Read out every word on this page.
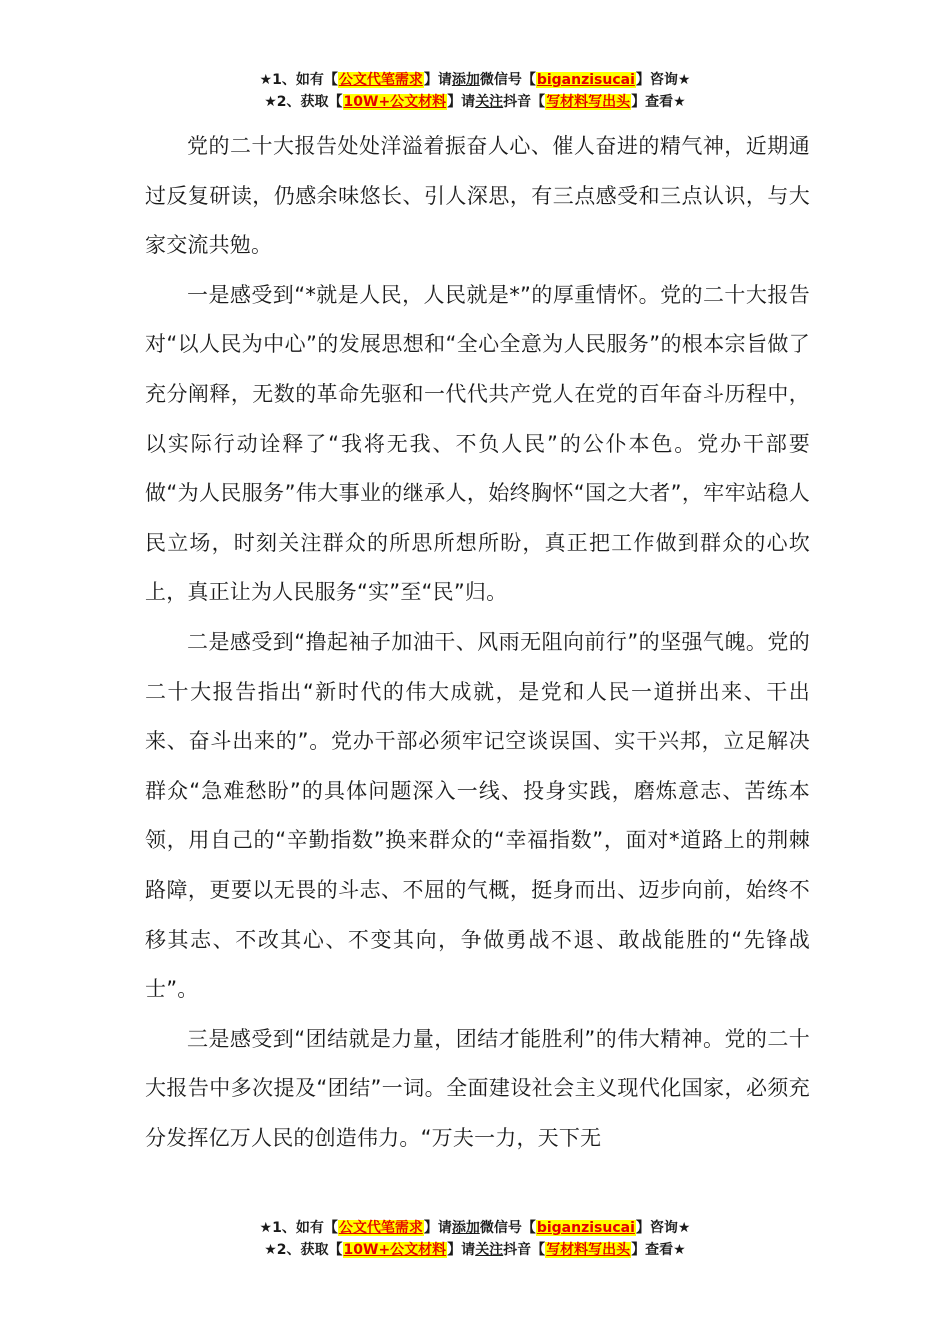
★1、如有【公文代笔需求】请添加微信号【biganzisucai】咨询★
★2、获取【10W+公文材料】请关注抖音【写材料写出头】查看★

党的二十大报告处处洋溢着振奋人心、催人奋进的精气神，近期通过反复研读，仍感余味悠长、引人深思，有三点感受和三点认识，与大家交流共勉。

一是感受到“*就是人民，人民就是*”的厚重情怀。党的二十大报告对“以人民为中心”的发展思想和“全心全意为人民服务”的根本宗旨做了充分阐释，无数的革命先驱和一代代共产党人在党的百年奋斗历程中，以实际行动诠释了“我将无我、不负人民”的公仆本色。党办干部要做“为人民服务”伟大事业的继承人，始终胸怀“国之大者”，牢牢站稳人民立场，时刻关注群众的所思所想所盼，真正把工作做到群众的心坎上，真正让为人民服务“实”至“民”归。

二是感受到“撸起袖子加油干、风雨无阻向前行”的坚强气魄。党的二十大报告指出“新时代的伟大成就，是党和人民一道拼出来、干出来、奋斗出来的”。党办干部必须牢记空谈误国、实干兴邦，立足解决群众“急难愁盼”的具体问题深入一线、投身实践，磨炼意志、苦练本领，用自己的“辛勤指数”换来群众的“幸福指数”，面对*道路上的荆棘路障，更要以无畏的斗志、不屈的气概，挺身而出、迈步向前，始终不移其志、不改其心、不变其向，争做勇战不退、敢战能胜的“先锋战士”。

三是感受到“团结就是力量，团结才能胜利”的伟大精神。党的二十大报告中多次提及“团结”一词。全面建设社会主义现代化国家，必须充分发挥亿万人民的创造伟力。“万夫一力，天下无

★1、如有【公文代笔需求】请添加微信号【biganzisucai】咨询★
★2、获取【10W+公文材料】请关注抖音【写材料写出头】查看★
